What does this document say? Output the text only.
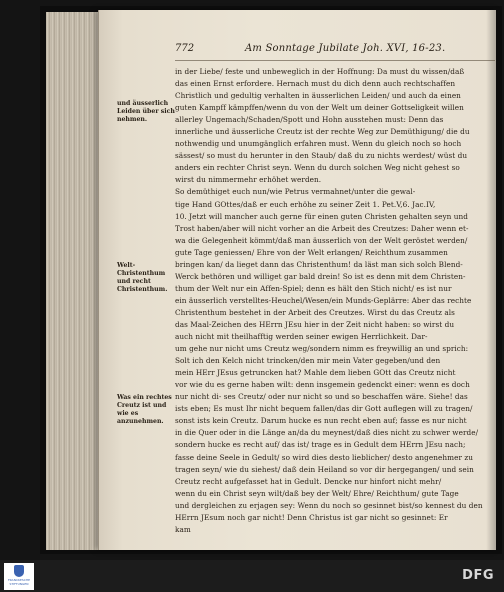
772	Am Sonntage Jubilate Joh. XVI, 16-23.
und äusserlich Leiden über sich nehmen.
Welt-Christenthum und recht Christenthum.
Was ein rechtes Creutz ist und wie es anzunehmen.
in der Liebe/ feste und unbeweglich in der Hoffnung: Da must du wissen/daß
das einen Ernst erfordere. Hernach must du dich denn auch rechtschaffen
Christlich und gedultig verhalten in äusserlichen Leiden/ und auch da einen
guten Kampff kämpffen/wenn du von der Welt um deiner Gottseligkeit willen
allerley Ungemach/Schaden/Spott und Hohn ausstehen must: Denn das
innerliche und äusserliche Creutz ist der rechte Weg zur Demüthigung/ die du
nothwendig und unumgänglich erfahren must. Wenn du gleich noch so hoch
sässest/ so must du herunter in den Staub/ daß du zu nichts werdest/ wüst du
anders ein rechter Christ seyn. Wenn du durch solchen Weg nicht gehest so
wirst du nimmermehr erhöhet werden.
So demüthiget euch nun/wie Petrus vermahnet/unter die gewal-
tige Hand GOttes/daß er euch erhöhe zu seiner Zeit 1. Pet.V,6. Jac.IV,
10. Jetzt will mancher auch gerne für einen guten Christen gehalten seyn und
Trost haben/aber will nicht vorher an die Arbeit des Creutzes: Daher wenn et-
wa die Gelegenheit kömmt/daß man äusserlich von der Welt geröstet werden/
gute Tage geniessen/ Ehre von der Welt erlangen/ Reichthum zusammen
bringen kan/ da lieget dann das Christenthum! da läst man sich solch Blend-
Werck bethören und williget gar bald drein! So ist es denn mit dem Christen-
thum der Welt nur ein Affen-Spiel; denn es hält den Stich nicht/ es ist nur
ein äusserlich verstelltes-Heuchel/Wesen/ein Munds-Geplärre: Aber das rechte
Christenthum bestehet in der Arbeit des Creutzes. Wirst du das Creutz als
das Maal-Zeichen des HErrn JEsu hier in der Zeit nicht haben: so wirst du
auch nicht mit theilhafftig werden seiner ewigen Herrlichkeit. Dar-
um gehe nur nicht ums Creutz weg/sondern nimm es freywillig an und sprich:
Solt ich den Kelch nicht trincken/den mir mein Vater gegeben/und den
mein HErr JEsus getruncken hat? Mahle dem lieben GOtt das Creutz nicht
vor wie du es gerne haben wilt: denn insgemein gedenckt einer: wenn es doch
nur nicht di- ses Creutz/ oder nur nicht so und so beschaffen wäre. Siehe! das
ists eben; Es must Ihr nicht bequem fallen/das dir Gott auflegen will zu tragen/
sonst ists kein Creutz. Darum hucke es nun recht eben auf; fasse es nur nicht
in die Quer oder in die Länge an/da du meynest/daß dies nicht zu schwer werde/
sondern hucke es recht auf/ das ist/ trage es in Gedult dem HErrn JEsu nach;
fasse deine Seele in Gedult/ so wird dies desto lieblicher/ desto angenehmer zu
tragen seyn/ wie du siehest/ daß dein Heiland so vor dir hergegangen/ und sein
Creutz recht aufgefasset hat in Gedult. Dencke nur hinfort nicht mehr/
wenn du ein Christ seyn wilt/daß bey der Welt/ Ehre/ Reichthum/ gute Tage
und dergleichen zu erjagen sey: Wenn du noch so gesinnet bist/so kennest du den
HErrn JEsum noch gar nicht! Denn Christus ist gar nicht so gesinnet: Er
kam
FRANCKESCHE STIFTUNGEN
DFG
